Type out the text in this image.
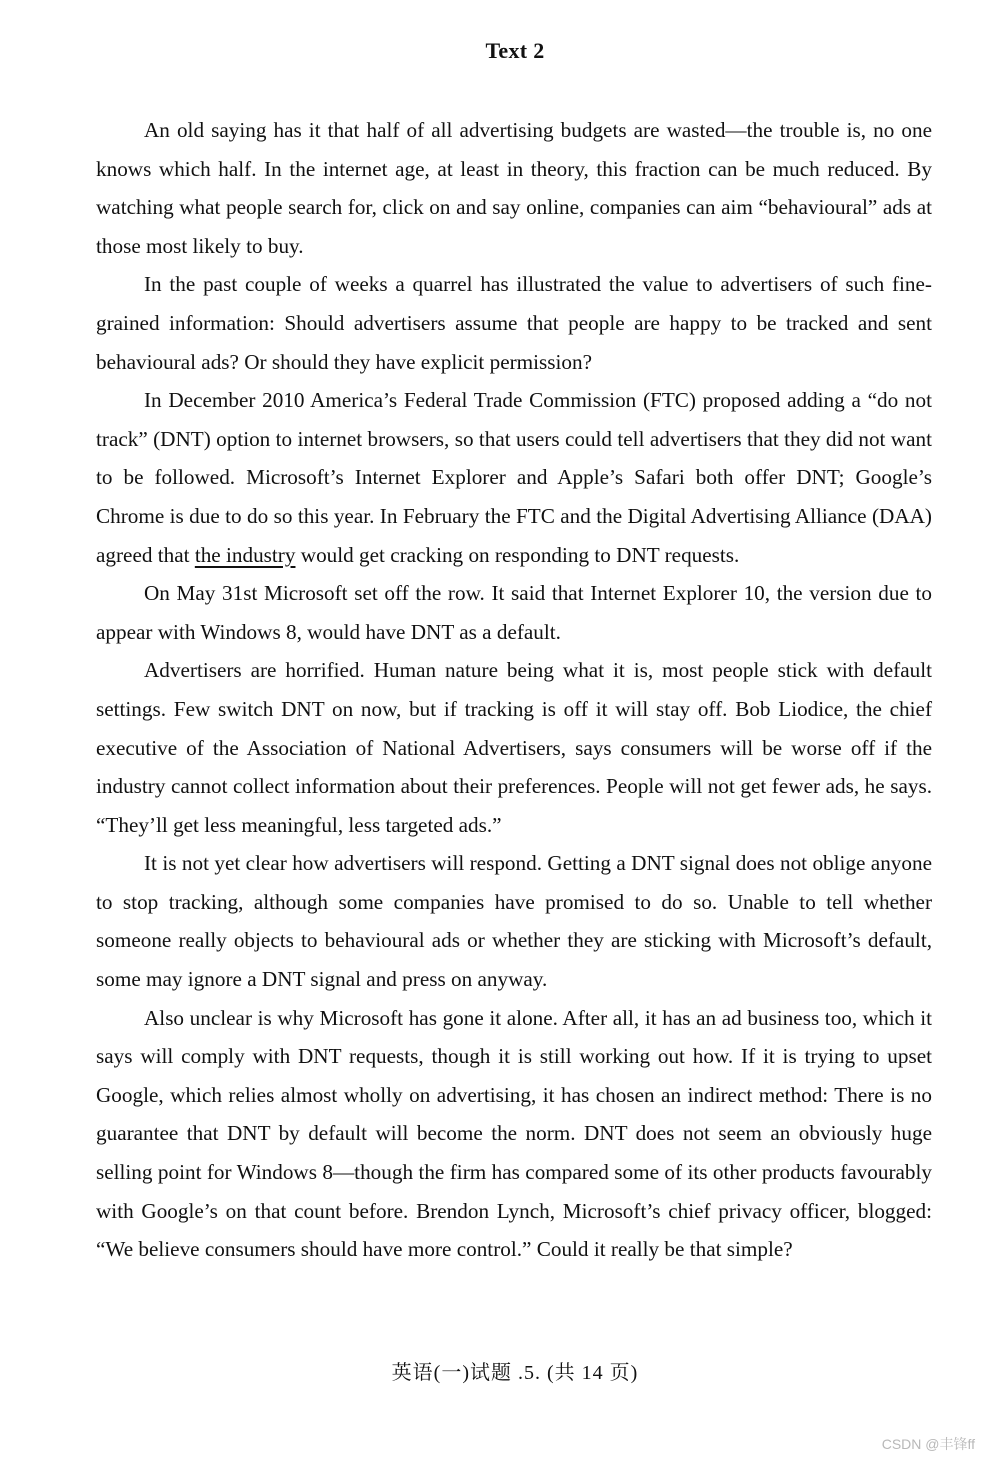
Text 2

An old saying has it that half of all advertising budgets are wasted—the trouble is, no one knows which half. In the internet age, at least in theory, this fraction can be much reduced. By watching what people search for, click on and say online, companies can aim “behavioural” ads at those most likely to buy.

In the past couple of weeks a quarrel has illustrated the value to advertisers of such fine-grained information: Should advertisers assume that people are happy to be tracked and sent behavioural ads? Or should they have explicit permission?

In December 2010 America’s Federal Trade Commission (FTC) proposed adding a “do not track” (DNT) option to internet browsers, so that users could tell advertisers that they did not want to be followed. Microsoft’s Internet Explorer and Apple’s Safari both offer DNT; Google’s Chrome is due to do so this year. In February the FTC and the Digital Advertising Alliance (DAA) agreed that the industry would get cracking on responding to DNT requests.

On May 31st Microsoft set off the row. It said that Internet Explorer 10, the version due to appear with Windows 8, would have DNT as a default.

Advertisers are horrified. Human nature being what it is, most people stick with default settings. Few switch DNT on now, but if tracking is off it will stay off. Bob Liodice, the chief executive of the Association of National Advertisers, says consumers will be worse off if the industry cannot collect information about their preferences. People will not get fewer ads, he says. “They’ll get less meaningful, less targeted ads.”

It is not yet clear how advertisers will respond. Getting a DNT signal does not oblige anyone to stop tracking, although some companies have promised to do so. Unable to tell whether someone really objects to behavioural ads or whether they are sticking with Microsoft’s default, some may ignore a DNT signal and press on anyway.

Also unclear is why Microsoft has gone it alone. After all, it has an ad business too, which it says will comply with DNT requests, though it is still working out how. If it is trying to upset Google, which relies almost wholly on advertising, it has chosen an indirect method: There is no guarantee that DNT by default will become the norm. DNT does not seem an obviously huge selling point for Windows 8—though the firm has compared some of its other products favourably with Google’s on that count before. Brendon Lynch, Microsoft’s chief privacy officer, blogged: “We believe consumers should have more control.” Could it really be that simple?

英语(一)试题 .5. (共 14 页)
CSDN @丰锋ff
